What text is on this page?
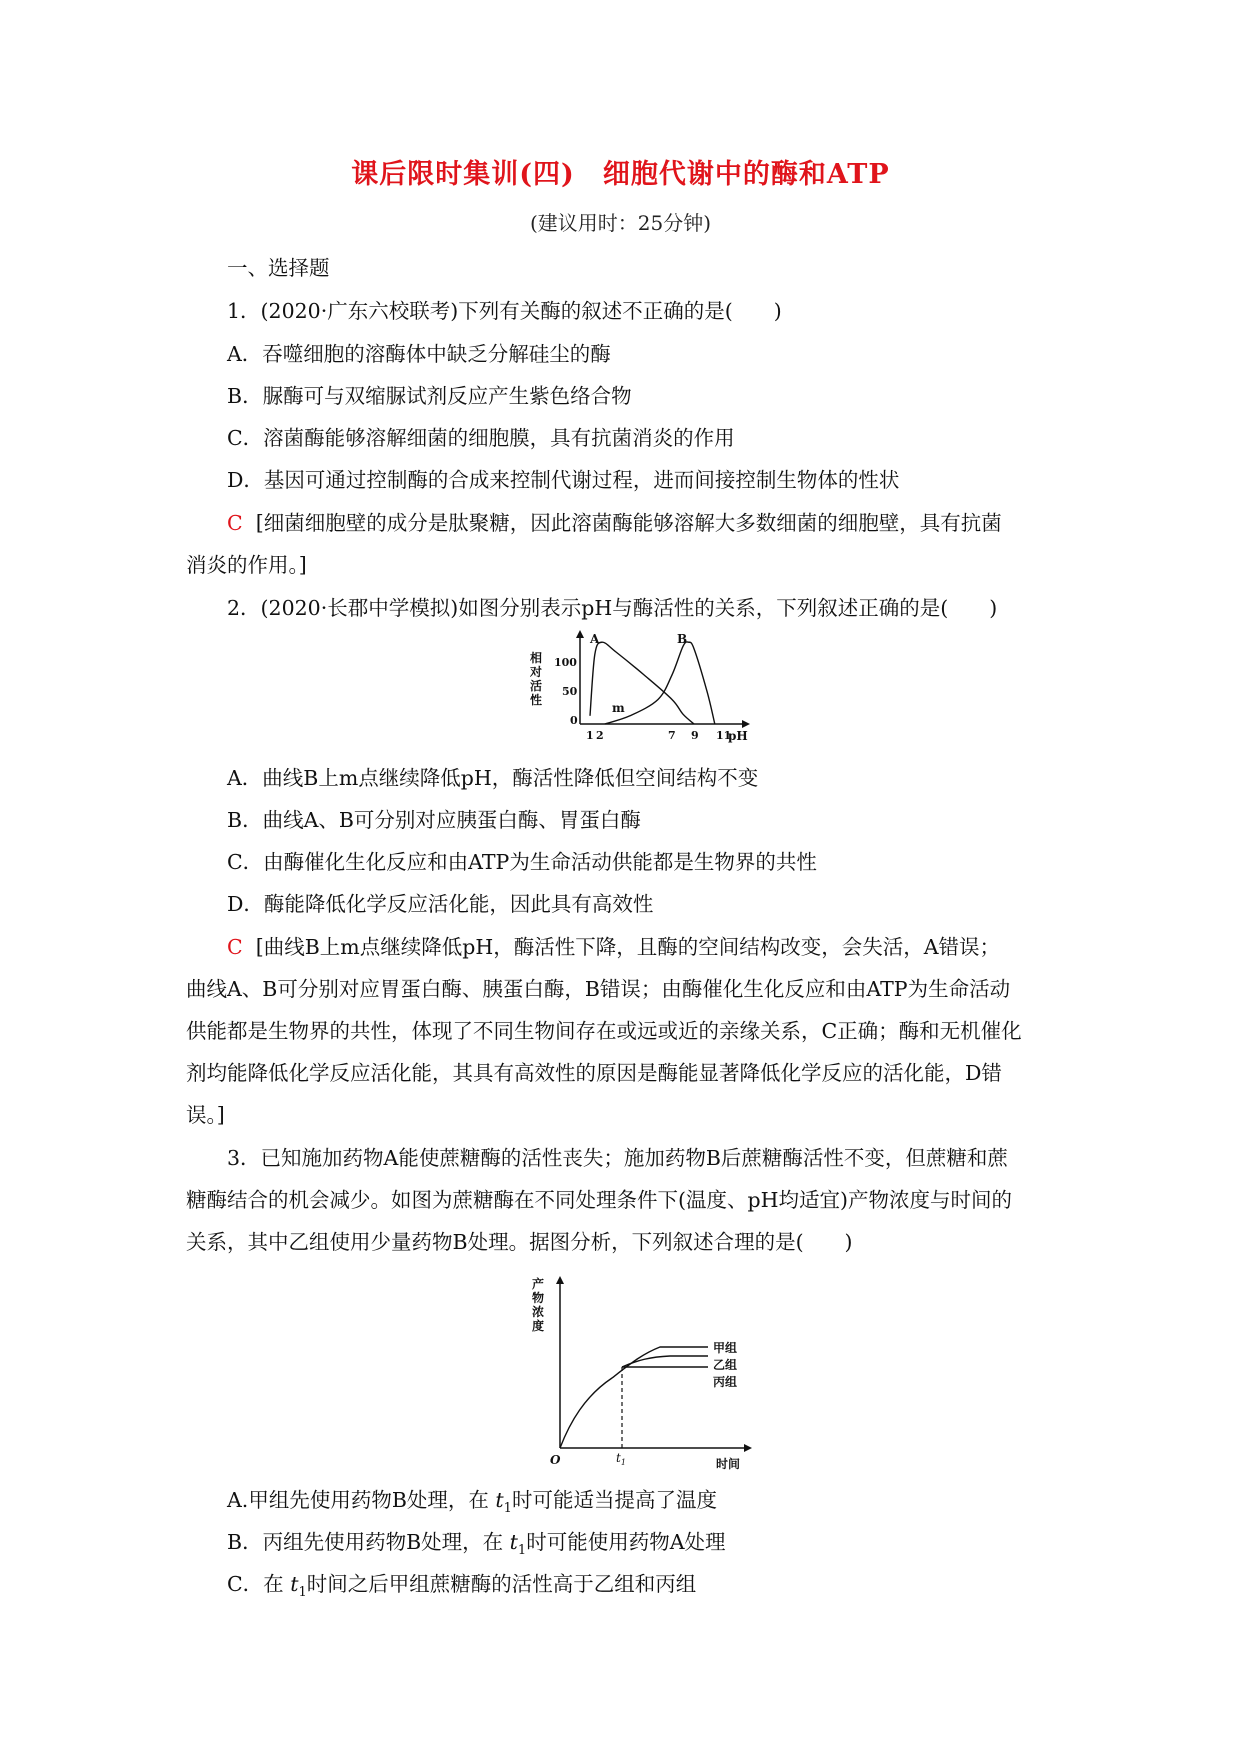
课后限时集训(四)　细胞代谢中的酶和ATP
(建议用时：25分钟)
一、选择题
1．(2020·广东六校联考)下列有关酶的叙述不正确的是(　　)
A．吞噬细胞的溶酶体中缺乏分解硅尘的酶
B．脲酶可与双缩脲试剂反应产生紫色络合物
C．溶菌酶能够溶解细菌的细胞膜，具有抗菌消炎的作用
D．基因可通过控制酶的合成来控制代谢过程，进而间接控制生物体的性状
C [细菌细胞壁的成分是肽聚糖，因此溶菌酶能够溶解大多数细菌的细胞壁，具有抗菌
消炎的作用。]
2．(2020·长郡中学模拟)如图分别表示pH与酶活性的关系，下列叙述正确的是(　　)
A	B
m
100
50
0
相 对 活 性
1 2	7 9 11
pH
A．曲线B上m点继续降低pH，酶活性降低但空间结构不变
B．曲线A、B可分别对应胰蛋白酶、胃蛋白酶
C．由酶催化生化反应和由ATP为生命活动供能都是生物界的共性
D．酶能降低化学反应活化能，因此具有高效性
C [曲线B上m点继续降低pH，酶活性下降，且酶的空间结构改变，会失活，A错误；
曲线A、B可分别对应胃蛋白酶、胰蛋白酶，B错误；由酶催化生化反应和由ATP为生命活动
供能都是生物界的共性，体现了不同生物间存在或远或近的亲缘关系，C正确；酶和无机催化
剂均能降低化学反应活化能，其具有高效性的原因是酶能显著降低化学反应的活化能，D错
误。]
3．已知施加药物A能使蔗糖酶的活性丧失；施加药物B后蔗糖酶活性不变，但蔗糖和蔗
糖酶结合的机会减少。如图为蔗糖酶在不同处理条件下(温度、pH均适宜)产物浓度与时间的
关系，其中乙组使用少量药物B处理。据图分析，下列叙述合理的是(　　)
甲组
乙组
丙组
产 物 浓 度
O	$t_1$	时间
A.甲组先使用药物B处理，在 $t_1$时可能适当提高了温度
B．丙组先使用药物B处理，在 $t_1$时可能使用药物A处理
C．在 $t_1$时间之后甲组蔗糖酶的活性高于乙组和丙组
